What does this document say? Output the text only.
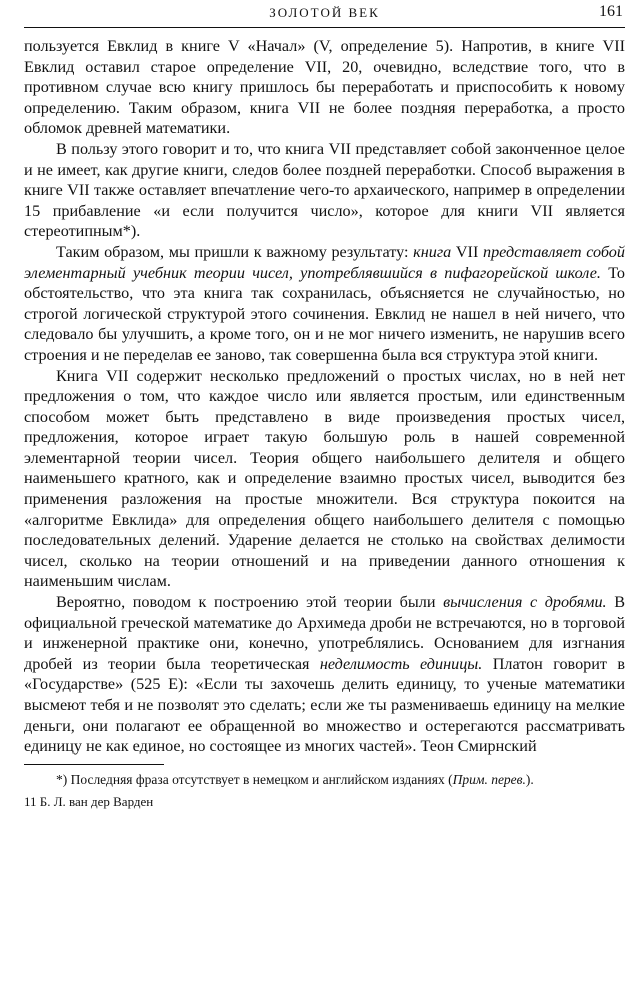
ЗОЛОТОЙ ВЕК	161

пользуется Евклид в книге V «Начал» (V, определение 5). Напротив, в книге VII Евклид оставил старое определение VII, 20, очевидно, вследствие того, что в противном случае всю книгу пришлось бы переработать и приспособить к новому определению. Таким образом, книга VII не более поздняя переработка, а просто обломок древней математики.

В пользу этого говорит и то, что книга VII представляет собой законченное целое и не имеет, как другие книги, следов более поздней переработки. Способ выражения в книге VII также оставляет впечатление чего-то архаического, например в определении 15 прибавление «и если получится число», которое для книги VII является стереотипным*).

Таким образом, мы пришли к важному результату: книга VII представляет собой элементарный учебник теории чисел, употреблявшийся в пифагорейской школе. То обстоятельство, что эта книга так сохранилась, объясняется не случайностью, но строгой логической структурой этого сочинения. Евклид не нашел в ней ничего, что следовало бы улучшить, а кроме того, он и не мог ничего изменить, не нарушив всего строения и не переделав ее заново, так совершенна была вся структура этой книги.

Книга VII содержит несколько предложений о простых числах, но в ней нет предложения о том, что каждое число или является простым, или единственным способом может быть представлено в виде произведения простых чисел, предложения, которое играет такую большую роль в нашей современной элементарной теории чисел. Теория общего наибольшего делителя и общего наименьшего кратного, как и определение взаимно простых чисел, выводится без применения разложения на простые множители. Вся структура покоится на «алгоритме Евклида» для определения общего наибольшего делителя с помощью последовательных делений. Ударение делается не столько на свойствах делимости чисел, сколько на теории отношений и на приведении данного отношения к наименьшим числам.

Вероятно, поводом к построению этой теории были вычисления с дробями. В официальной греческой математике до Архимеда дроби не встречаются, но в торговой и инженерной практике они, конечно, употреблялись. Основанием для изгнания дробей из теории была теоретическая неделимость единицы. Платон говорит в «Государстве» (525 E): «Если ты захочешь делить единицу, то ученые математики высмеют тебя и не позволят это сделать; если же ты размениваешь единицу на мелкие деньги, они полагают ее обращенной во множество и остерегаются рассматривать единицу не как единое, но состоящее из многих частей». Теон Смирнский

*) Последняя фраза отсутствует в немецком и английском изданиях (Прим. перев.).

11 Б. Л. ван дер Варден
